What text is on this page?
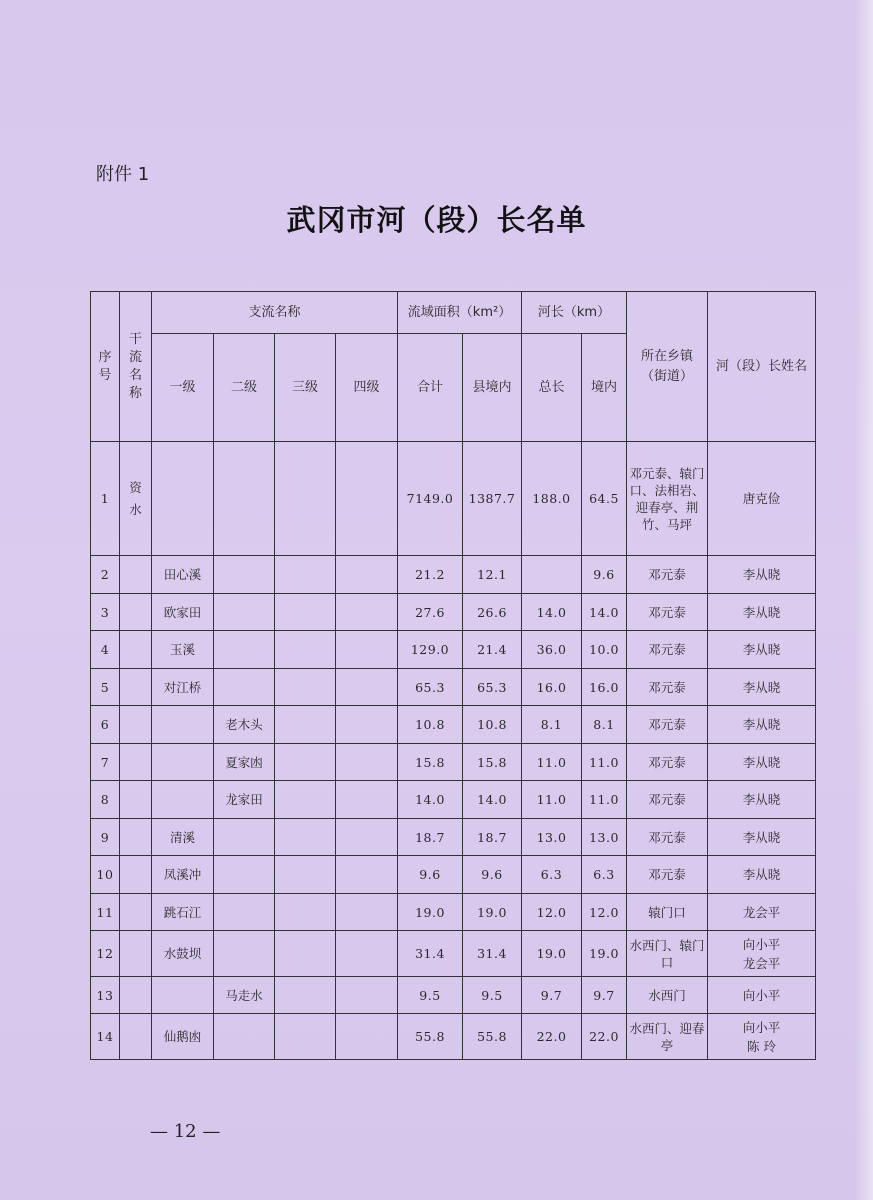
附件 1
武冈市河（段）长名单
序号	干流名称	支流名称				流域面积（km²）		河长（km）		所在乡镇（街道）	河（段）长姓名
		一级	二级	三级	四级	合计	县境内	总长	境内		
1	资水					7149.0	1387.7	188.0	64.5	邓元泰、辕门口、法相岩、迎春亭、荆竹、马坪	唐克俭
2		田心溪				21.2	12.1		9.6	邓元泰	李从晓
3		欧家田				27.6	26.6	14.0	14.0	邓元泰	李从晓
4		玉溪				129.0	21.4	36.0	10.0	邓元泰	李从晓
5		对江桥				65.3	65.3	16.0	16.0	邓元泰	李从晓
6			老木头			10.8	10.8	8.1	8.1	邓元泰	李从晓
7			夏家凼			15.8	15.8	11.0	11.0	邓元泰	李从晓
8			龙家田			14.0	14.0	11.0	11.0	邓元泰	李从晓
9		清溪				18.7	18.7	13.0	13.0	邓元泰	李从晓
10		凤溪冲				9.6	9.6	6.3	6.3	邓元泰	李从晓
11		跳石江				19.0	19.0	12.0	12.0	辕门口	龙会平
12		水鼓坝				31.4	31.4	19.0	19.0	水西门、辕门口	向小平 龙会平
13			马走水			9.5	9.5	9.7	9.7	水西门	向小平
14		仙鹅凼				55.8	55.8	22.0	22.0	水西门、迎春亭	向小平 陈 玲
— 12 —
